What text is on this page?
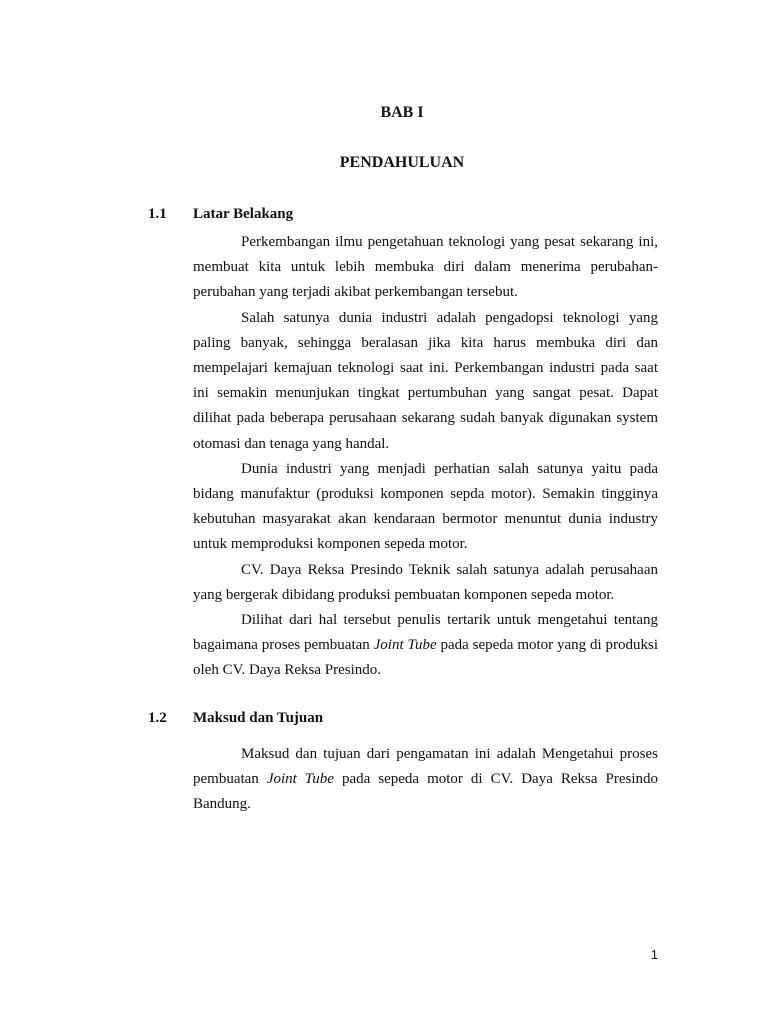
BAB I
PENDAHULUAN
1.1 Latar Belakang

Perkembangan ilmu pengetahuan teknologi yang pesat sekarang ini, membuat kita untuk lebih membuka diri dalam menerima perubahan-perubahan yang terjadi akibat perkembangan tersebut.

Salah satunya dunia industri adalah pengadopsi teknologi yang paling banyak, sehingga beralasan jika kita harus membuka diri dan mempelajari kemajuan teknologi saat ini. Perkembangan industri pada saat ini semakin menunjukan tingkat pertumbuhan yang sangat pesat. Dapat dilihat pada beberapa perusahaan sekarang sudah banyak digunakan system otomasi dan tenaga yang handal.

Dunia industri yang menjadi perhatian salah satunya yaitu pada bidang manufaktur (produksi komponen sepda motor). Semakin tingginya kebutuhan masyarakat akan kendaraan bermotor menuntut dunia industry untuk memproduksi komponen sepeda motor.

CV. Daya Reksa Presindo Teknik salah satunya adalah perusahaan yang bergerak dibidang produksi pembuatan komponen sepeda motor.

Dilihat dari hal tersebut penulis tertarik untuk mengetahui tentang bagaimana proses pembuatan Joint Tube pada sepeda motor yang di produksi oleh CV. Daya Reksa Presindo.

1.2 Maksud dan Tujuan

Maksud dan tujuan dari pengamatan ini adalah Mengetahui proses pembuatan Joint Tube pada sepeda motor di CV. Daya Reksa Presindo Bandung.

1
